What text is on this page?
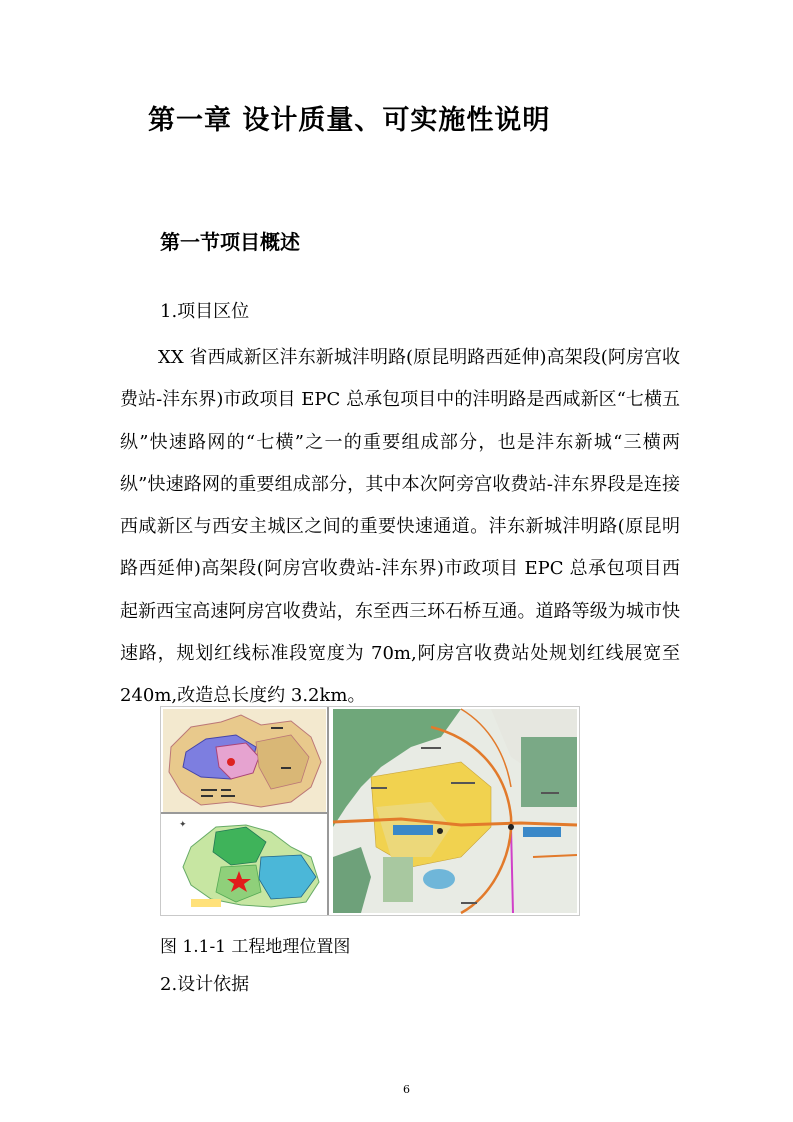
第一章 设计质量、可实施性说明
第一节项目概述
1.项目区位

XX 省西咸新区沣东新城沣明路(原昆明路西延伸)高架段(阿房宫收费站-沣东界)市政项目 EPC 总承包项目中的沣明路是西咸新区“七横五纵”快速路网的“七横”之一的重要组成部分，也是沣东新城“三横两纵”快速路网的重要组成部分，其中本次阿旁宫收费站-沣东界段是连接西咸新区与西安主城区之间的重要快速通道。沣东新城沣明路(原昆明路西延伸)高架段(阿房宫收费站-沣东界)市政项目 EPC 总承包项目西起新西宝高速阿房宫收费站，东至西三环石桥互通。道路等级为城市快速路，规划红线标准段宽度为 70m,阿房宫收费站处规划红线展宽至 240m,改造总长度约 3.2km。

✦
图 1.1-1 工程地理位置图
2.设计依据
6
